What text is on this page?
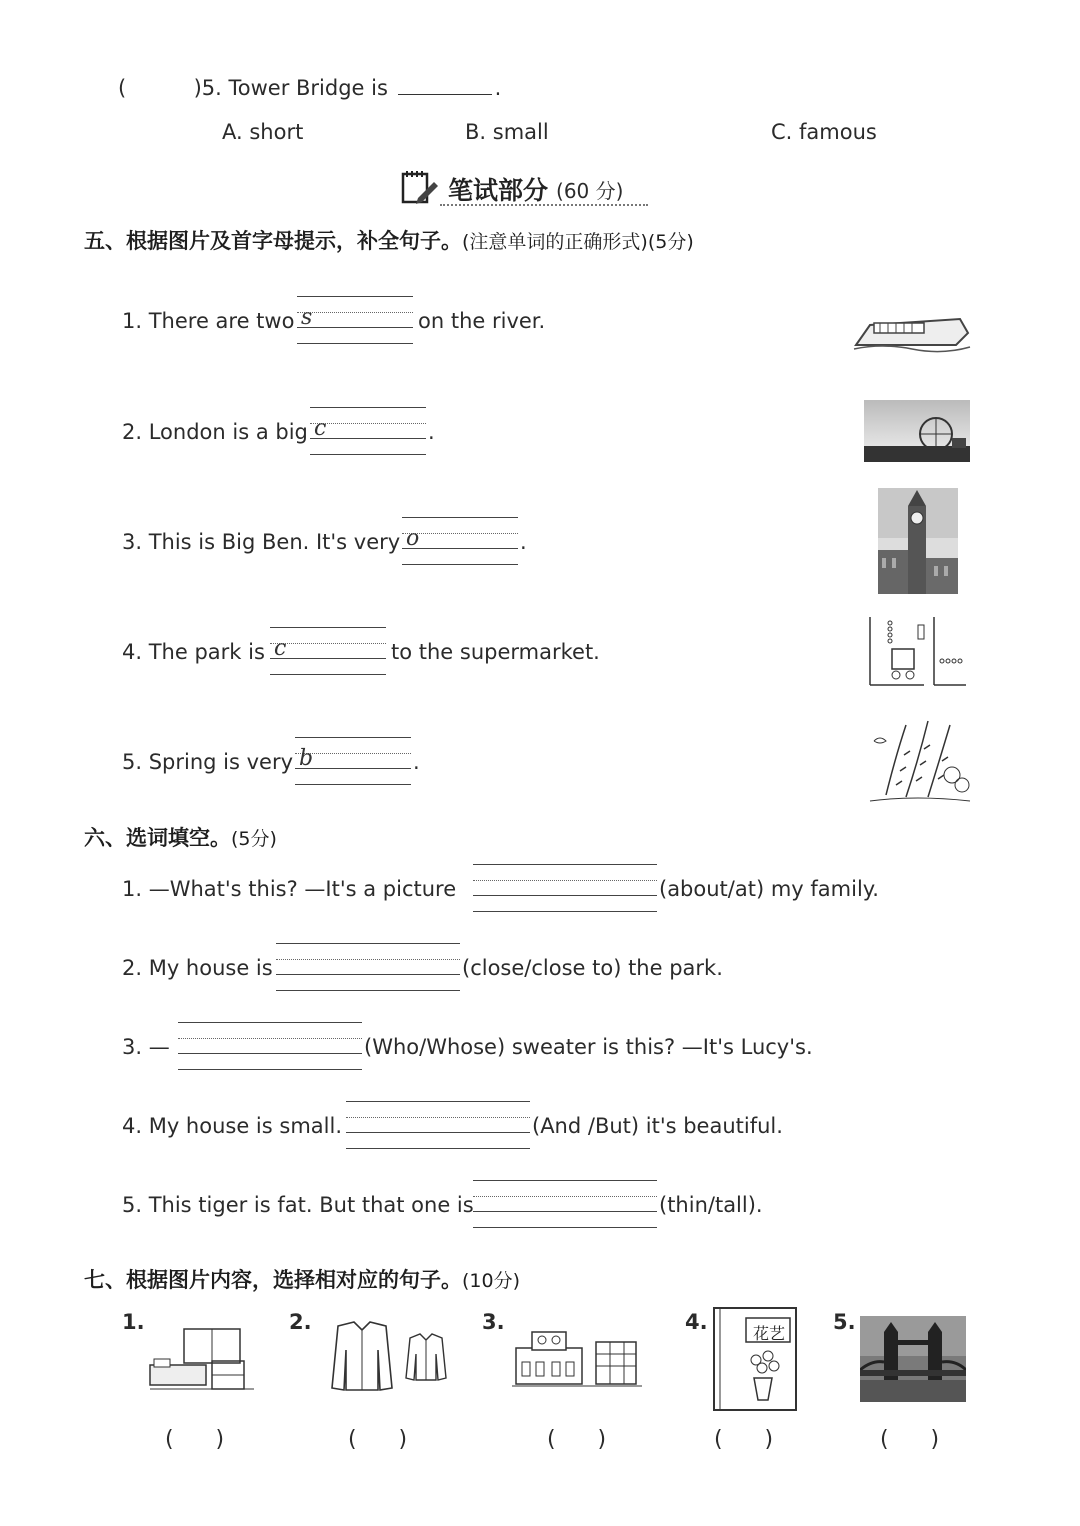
(	)5. Tower Bridge is	.
A. short	B. small	C. famous
笔试部分 (60 分)
五、根据图片及首字母提示，补全句子。(注意单词的正确形式)(5分)
1. There are two s	on the river.
2. London is a big c	.
3. This is Big Ben. It's very o	.
4. The park is c	to the supermarket.
5. Spring is very b	.
六、选词填空。(5分)
1. —What's this? —It's a picture	(about/at) my family.
2. My house is	(close/close to) the park.
3. —	(Who/Whose) sweater is this? —It's Lucy's.
4. My house is small.	(And /But) it's beautiful.
5. This tiger is fat. But that one is	(thin/tall).
七、根据图片内容，选择相对应的句子。(10分)
1.	2.	3.	4.	花艺 5.
(      )	(      )	(      )	(      )	(      )
